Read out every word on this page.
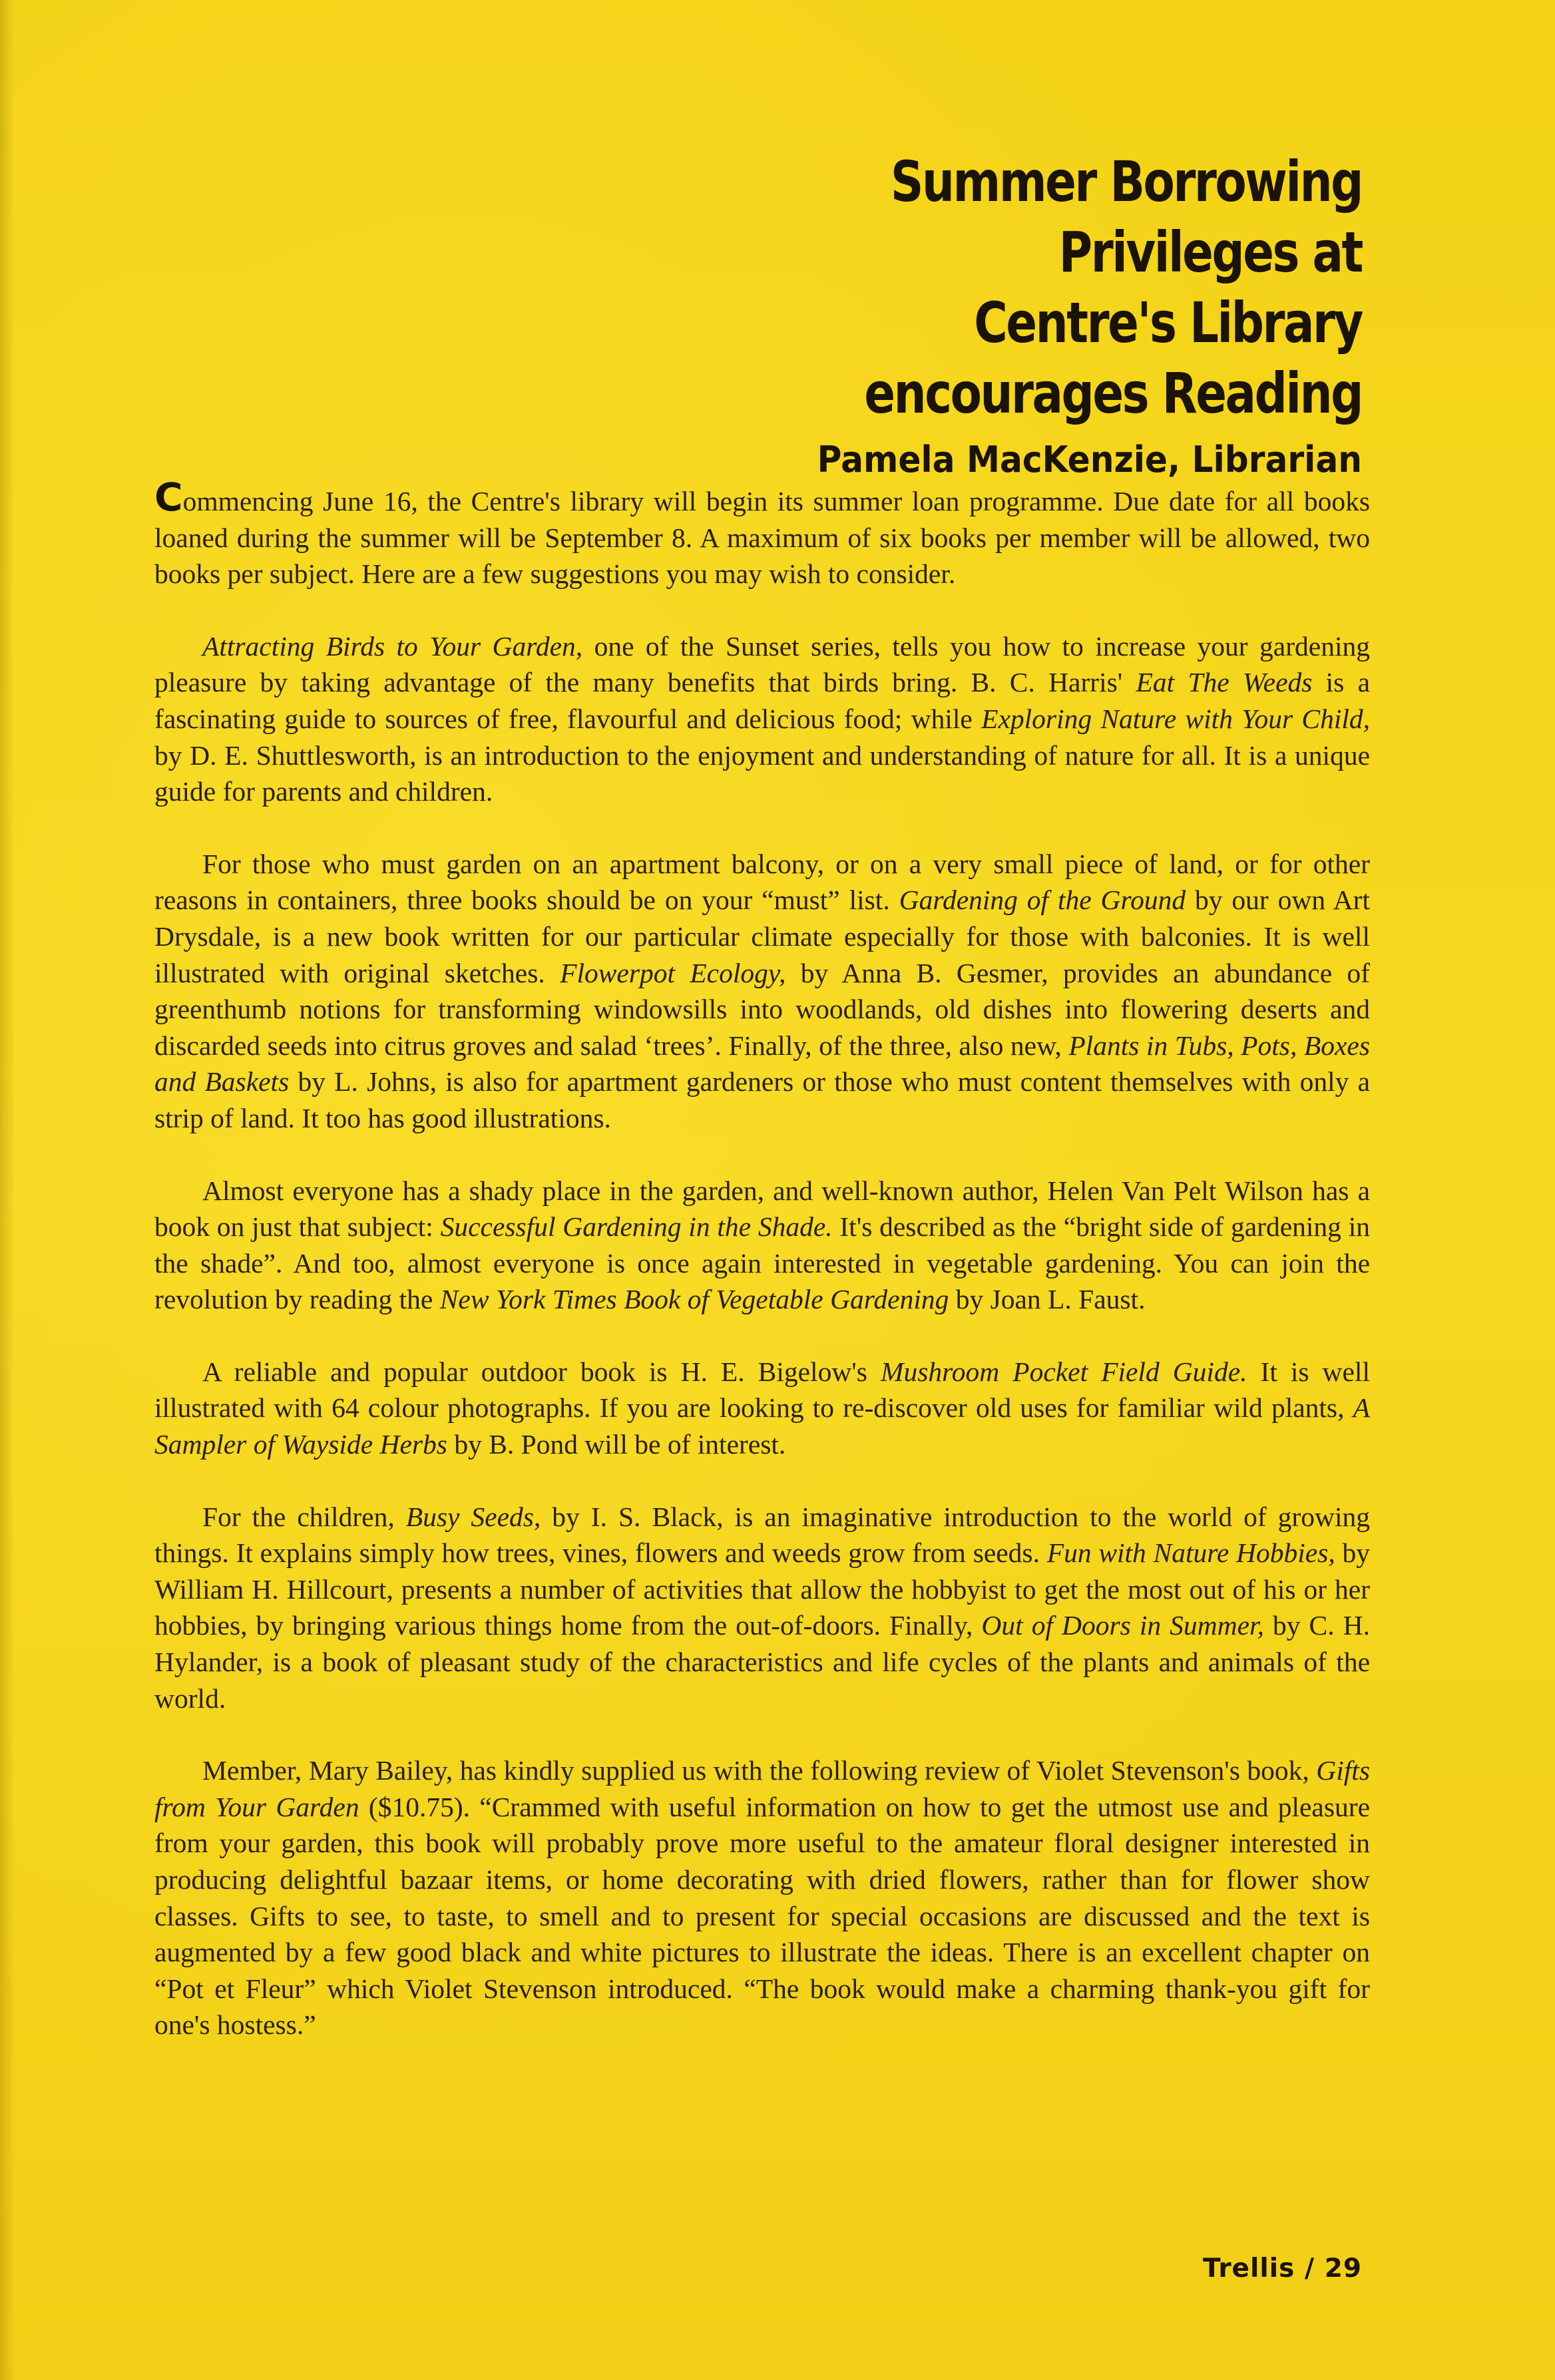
Summer Borrowing
Privileges at
Centre's Library
encourages Reading
Pamela MacKenzie, Librarian

Commencing June 16, the Centre's library will begin its summer loan programme. Due date for all books loaned during the summer will be September 8. A maximum of six books per member will be allowed, two books per subject. Here are a few suggestions you may wish to consider.

Attracting Birds to Your Garden, one of the Sunset series, tells you how to increase your gardening pleasure by taking advantage of the many benefits that birds bring. B. C. Harris' Eat The Weeds is a fascinating guide to sources of free, flavourful and delicious food; while Exploring Nature with Your Child, by D. E. Shuttlesworth, is an introduction to the enjoyment and understanding of nature for all. It is a unique guide for parents and children.

For those who must garden on an apartment balcony, or on a very small piece of land, or for other reasons in containers, three books should be on your “must” list. Gardening of the Ground by our own Art Drysdale, is a new book written for our particular climate especially for those with balconies. It is well illustrated with original sketches. Flowerpot Ecology, by Anna B. Gesmer, provides an abundance of greenthumb notions for transforming windowsills into woodlands, old dishes into flowering deserts and discarded seeds into citrus groves and salad ‘trees’. Finally, of the three, also new, Plants in Tubs, Pots, Boxes and Baskets by L. Johns, is also for apartment gardeners or those who must content themselves with only a strip of land. It too has good illustrations.

Almost everyone has a shady place in the garden, and well-known author, Helen Van Pelt Wilson has a book on just that subject: Successful Gardening in the Shade. It's described as the “bright side of gardening in the shade”. And too, almost everyone is once again interested in vegetable gardening. You can join the revolution by reading the New York Times Book of Vegetable Gardening by Joan L. Faust.

A reliable and popular outdoor book is H. E. Bigelow's Mushroom Pocket Field Guide. It is well illustrated with 64 colour photographs. If you are looking to re-discover old uses for familiar wild plants, A Sampler of Wayside Herbs by B. Pond will be of interest.

For the children, Busy Seeds, by I. S. Black, is an imaginative introduction to the world of growing things. It explains simply how trees, vines, flowers and weeds grow from seeds. Fun with Nature Hobbies, by William H. Hillcourt, presents a number of activities that allow the hobbyist to get the most out of his or her hobbies, by bringing various things home from the out-of-doors. Finally, Out of Doors in Summer, by C. H. Hylander, is a book of pleasant study of the characteristics and life cycles of the plants and animals of the world.

Member, Mary Bailey, has kindly supplied us with the following review of Violet Stevenson's book, Gifts from Your Garden ($10.75). “Crammed with useful information on how to get the utmost use and pleasure from your garden, this book will probably prove more useful to the amateur floral designer interested in producing delightful bazaar items, or home decorating with dried flowers, rather than for flower show classes. Gifts to see, to taste, to smell and to present for special occasions are discussed and the text is augmented by a few good black and white pictures to illustrate the ideas. There is an excellent chapter on “Pot et Fleur” which Violet Stevenson introduced. “The book would make a charming thank-you gift for one's hostess.”

Trellis / 29
